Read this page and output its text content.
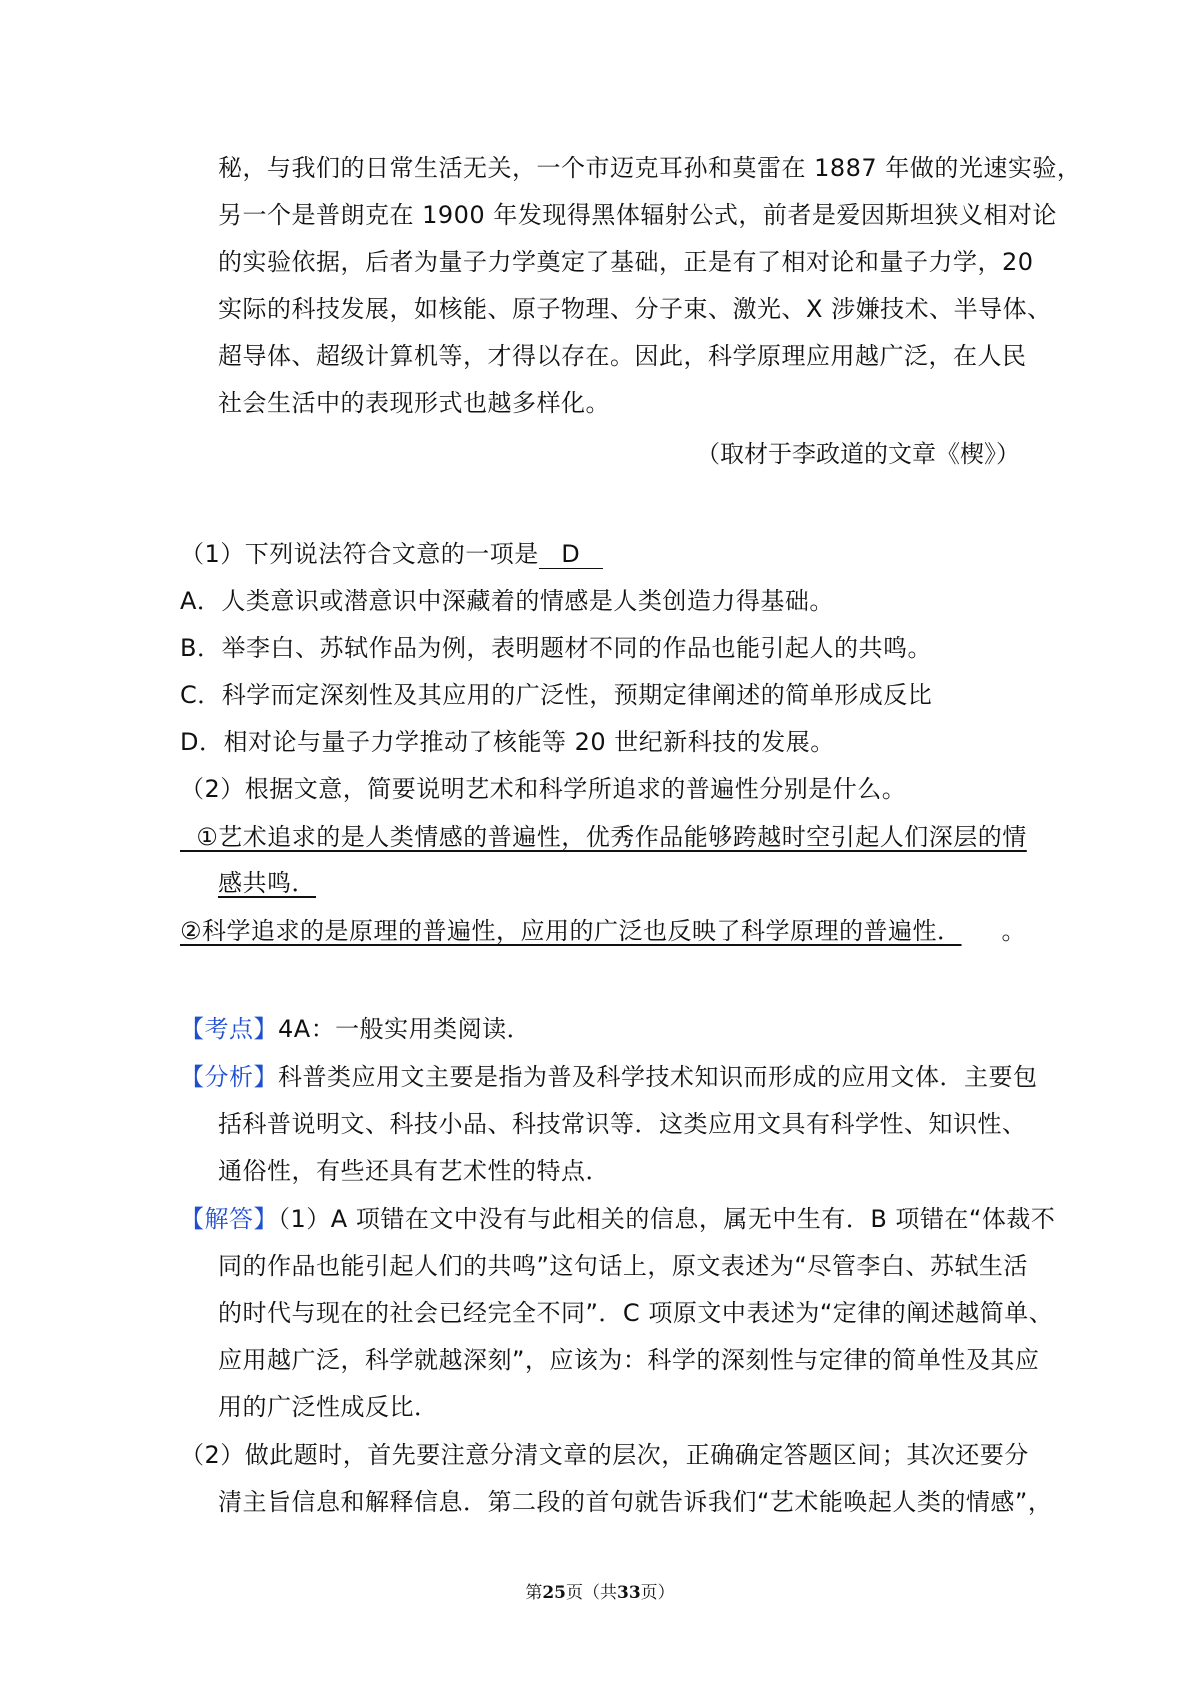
秘，与我们的日常生活无关，一个市迈克耳孙和莫雷在 1887 年做的光速实验，
另一个是普朗克在 1900 年发现得黑体辐射公式，前者是爱因斯坦狭义相对论
的实验依据，后者为量子力学奠定了基础，正是有了相对论和量子力学，20
实际的科技发展，如核能、原子物理、分子束、激光、X 涉嫌技术、半导体、
超导体、超级计算机等，才得以存在。因此，科学原理应用越广泛，在人民
社会生活中的表现形式也越多样化。
（取材于李政道的文章《楔》）
（1）下列说法符合文意的一项是 D
A．人类意识或潜意识中深藏着的情感是人类创造力得基础。
B．举李白、苏轼作品为例，表明题材不同的作品也能引起人的共鸣。
C．科学而定深刻性及其应用的广泛性，预期定律阐述的简单形成反比
D．相对论与量子力学推动了核能等 20 世纪新科技的发展。
（2）根据文意，简要说明艺术和科学所追求的普遍性分别是什么。
①艺术追求的是人类情感的普遍性，优秀作品能够跨越时空引起人们深层的情
感共鸣．
②科学追求的是原理的普遍性，应用的广泛也反映了科学原理的普遍性． 。
【考点】4A：一般实用类阅读．
【分析】科普类应用文主要是指为普及科学技术知识而形成的应用文体．主要包
括科普说明文、科技小品、科技常识等．这类应用文具有科学性、知识性、
通俗性，有些还具有艺术性的特点．
【解答】（1）A 项错在文中没有与此相关的信息，属无中生有．B 项错在“体裁不
同的作品也能引起人们的共鸣”这句话上，原文表述为“尽管李白、苏轼生活
的时代与现在的社会已经完全不同”．C 项原文中表述为“定律的阐述越简单、
应用越广泛，科学就越深刻”，应该为：科学的深刻性与定律的简单性及其应
用的广泛性成反比．
（2）做此题时，首先要注意分清文章的层次，正确确定答题区间；其次还要分
清主旨信息和解释信息．第二段的首句就告诉我们“艺术能唤起人类的情感”，
第25页（共33页）
